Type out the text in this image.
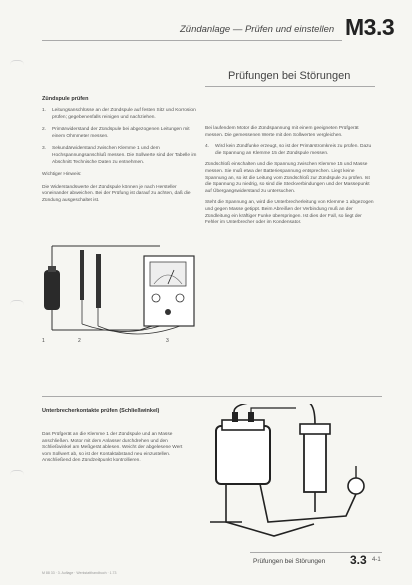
Zündanlage — Prüfen und einstellen M3.3
Prüfungen bei Störungen
Zündspule prüfen
1.	Leitungsanschlüsse an der Zündspule auf festen Sitz und Korrosion prüfen; gegebenenfalls reinigen und nachziehen.
2.	Primärwiderstand der Zündspule bei abgezogenen Leitungen mit einem Ohmmeter messen.
3.	Sekundärwiderstand zwischen Klemme 1 und dem Hochspannungsanschluß messen. Die Sollwerte sind der Tabelle im Abschnitt Technische Daten zu entnehmen.
Wichtiger Hinweis:
Die Widerstandswerte der Zündspule können je nach Hersteller voneinander abweichen. Bei der Prüfung ist darauf zu achten, daß die Zündung ausgeschaltet ist.
Bei laufendem Motor die Zündspannung mit einem geeigneten Prüfgerät messen. Die gemessenen Werte mit den Sollwerten vergleichen.
4.	Wird kein Zündfunke erzeugt, so ist der Primärstromkreis zu prüfen. Dazu die Spannung an Klemme 15 der Zündspule messen.
Zündschloß einschalten und die Spannung zwischen Klemme 15 und Masse messen. Sie muß etwa der Batteriespannung entsprechen. Liegt keine Spannung an, so ist die Leitung vom Zündschloß zur Zündspule zu prüfen. Ist die Spannung zu niedrig, so sind die Steckverbindungen und der Massepunkt auf Übergangswiderstand zu untersuchen.
Steht die Spannung an, wird die Unterbrecherleitung von Klemme 1 abgezogen und gegen Masse getippt. Beim Abreißen der Verbindung muß an der Zündleitung ein kräftiger Funke überspringen. Ist dies der Fall, so liegt der Fehler im Unterbrecher oder im Kondensator.
1	2	3
Unterbrecherkontakte prüfen (Schließwinkel)
Das Prüfgerät an die Klemme 1 der Zündspule und an Masse anschließen. Motor mit dem Anlasser durchdrehen und den Schließwinkel am Meßgerät ablesen. Weicht der abgelesene Wert vom Sollwert ab, so ist der Kontaktabstand neu einzustellen. Anschließend den Zündzeitpunkt kontrollieren.
Prüfungen bei Störungen 3.3 4-1
M 88 33 · 3. Auflage · Werkstatthandbuch · 1.73
